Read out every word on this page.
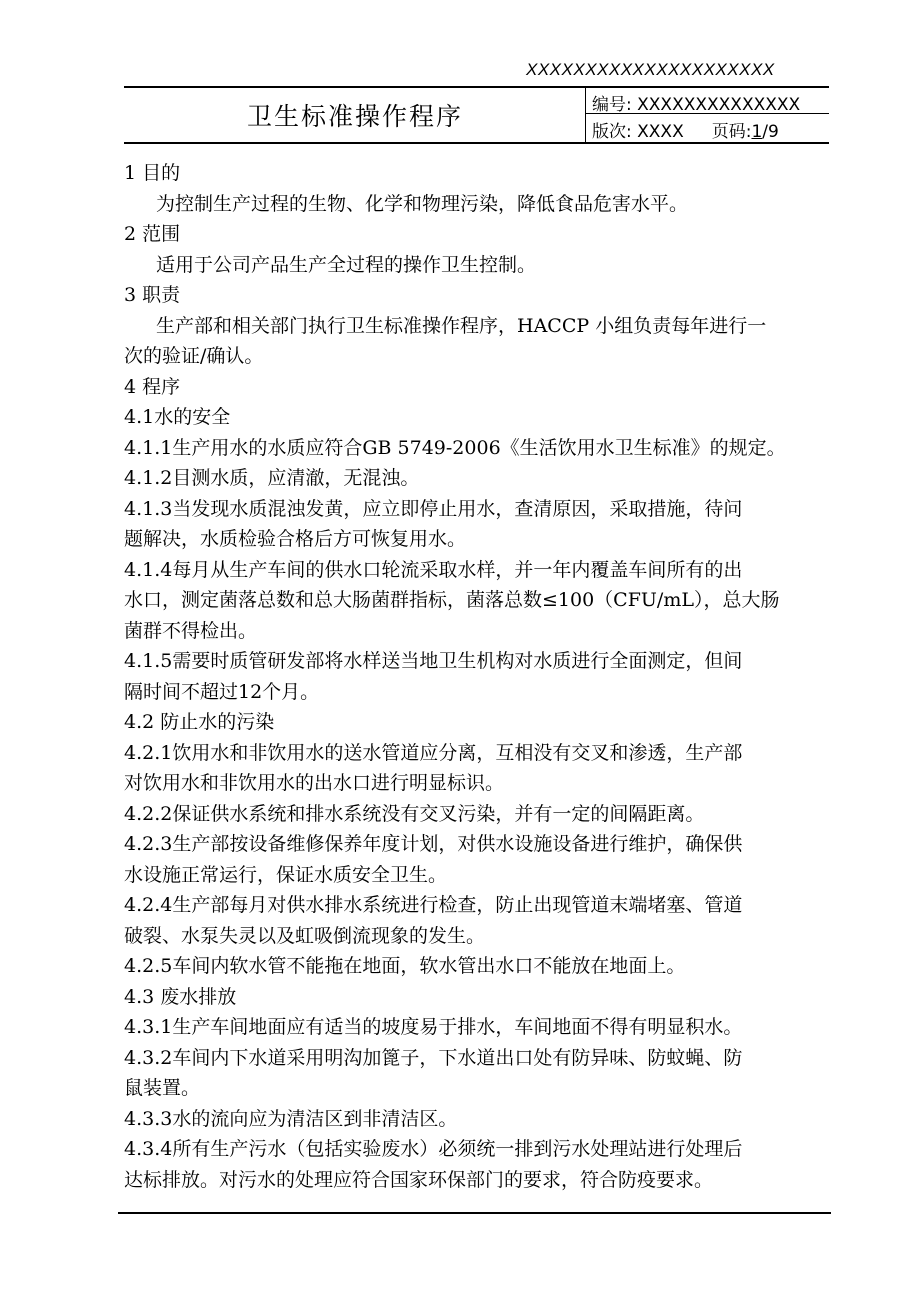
XXXXXXXXXXXXXXXXXXXXX
卫生标准操作程序	编号: XXXXXXXXXXXXXX
版次: XXXX 页码:1/9

1 目的

为控制生产过程的生物、化学和物理污染，降低食品危害水平。

2 范围

适用于公司产品生产全过程的操作卫生控制。

3 职责

生产部和相关部门执行卫生标准操作程序，HACCP 小组负责每年进行一

次的验证/确认。

4 程序

4.1水的安全

4.1.1生产用水的水质应符合GB 5749-2006《生活饮用水卫生标准》的规定。

4.1.2目测水质，应清澈，无混浊。

4.1.3当发现水质混浊发黄，应立即停止用水，查清原因，采取措施，待问

题解决，水质检验合格后方可恢复用水。

4.1.4每月从生产车间的供水口轮流采取水样，并一年内覆盖车间所有的出

水口，测定菌落总数和总大肠菌群指标，菌落总数≤100（CFU/mL），总大肠

菌群不得检出。

4.1.5需要时质管研发部将水样送当地卫生机构对水质进行全面测定，但间

隔时间不超过12个月。

4.2 防止水的污染

4.2.1饮用水和非饮用水的送水管道应分离，互相没有交叉和渗透，生产部

对饮用水和非饮用水的出水口进行明显标识。

4.2.2保证供水系统和排水系统没有交叉污染，并有一定的间隔距离。

4.2.3生产部按设备维修保养年度计划，对供水设施设备进行维护，确保供

水设施正常运行，保证水质安全卫生。

4.2.4生产部每月对供水排水系统进行检查，防止出现管道末端堵塞、管道

破裂、水泵失灵以及虹吸倒流现象的发生。

4.2.5车间内软水管不能拖在地面，软水管出水口不能放在地面上。

4.3 废水排放

4.3.1生产车间地面应有适当的坡度易于排水，车间地面不得有明显积水。

4.3.2车间内下水道采用明沟加篦子，下水道出口处有防异味、防蚊蝇、防

鼠装置。

4.3.3水的流向应为清洁区到非清洁区。

4.3.4所有生产污水（包括实验废水）必须统一排到污水处理站进行处理后

达标排放。对污水的处理应符合国家环保部门的要求，符合防疫要求。
